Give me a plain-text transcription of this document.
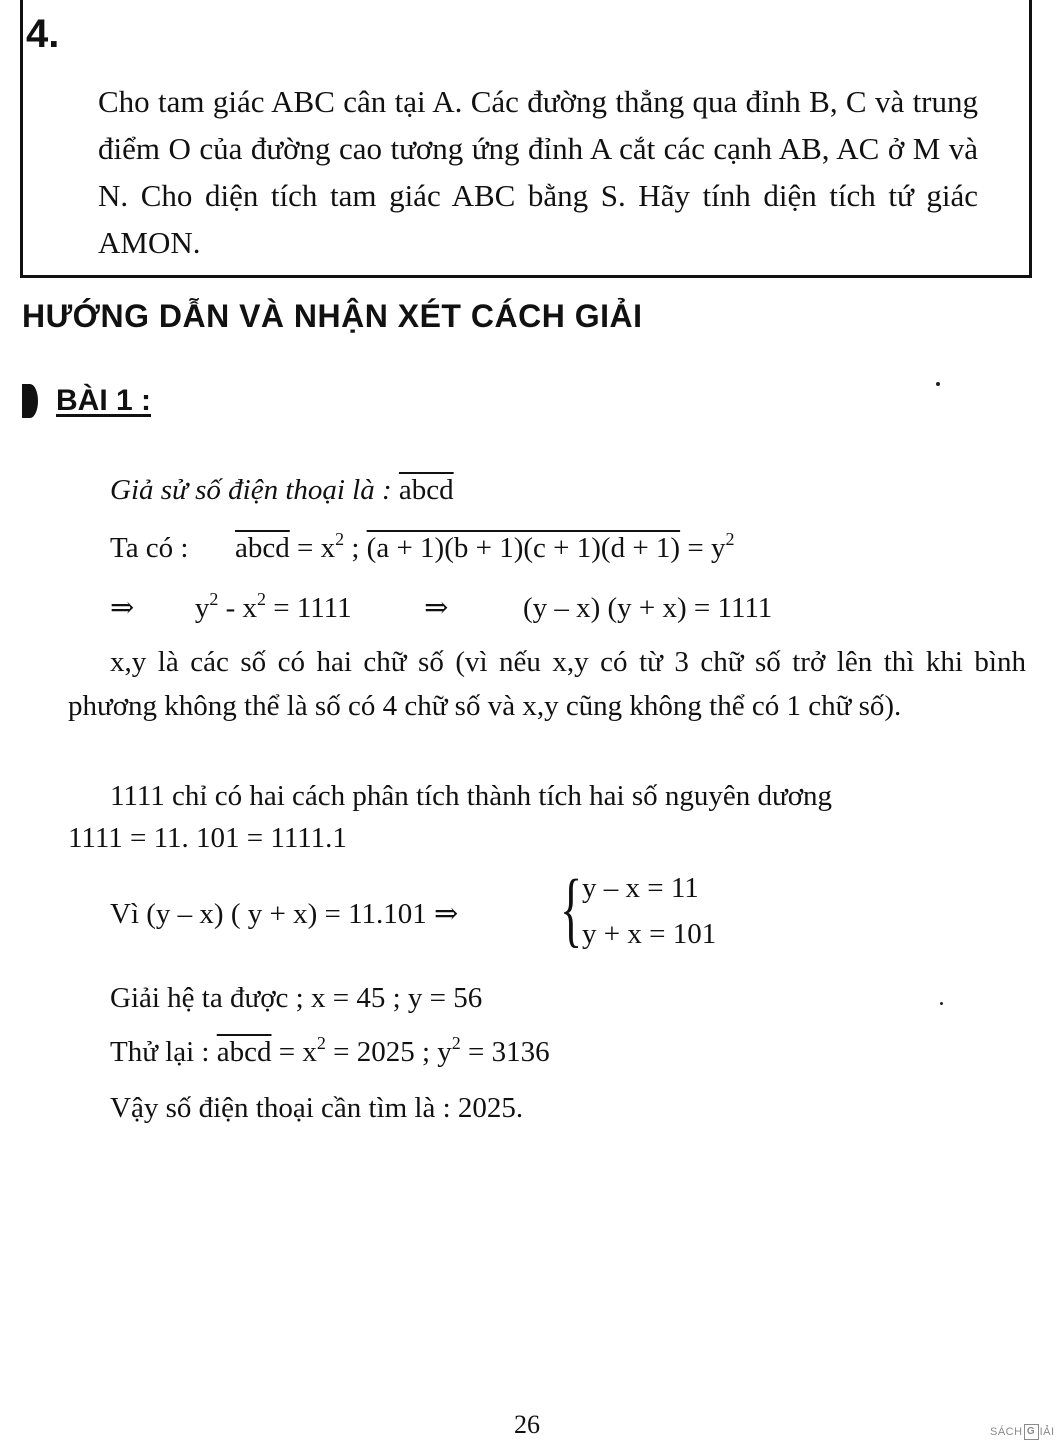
4.
Cho tam giác ABC cân tại A. Các đường thẳng qua đỉnh B, C và trung điểm O của đường cao tương ứng đỉnh A cắt các cạnh AB, AC ở M và N. Cho diện tích tam giác ABC bằng S. Hãy tính diện tích tứ giác AMON.
HƯỚNG DẪN VÀ NHẬN XÉT CÁCH GIẢI
BÀI 1 :
Giả sử số điện thoại là : abcd
Ta có : abcd = $x^2$ ; $(a + 1)(b + 1)(c + 1)(d + 1) = y^2$
⇒ $y^2 - x^2 = 1111$	⇒	(y – x) (y + x) = 1111
x,y là các số có hai chữ số (vì nếu x,y có từ 3 chữ số trở lên thì khi bình phương không thể là số có 4 chữ số và x,y cũng không thể có 1 chữ số).
1111 chỉ có hai cách phân tích thành tích hai số nguyên dương
1111 = 11. 101 = 1111.1
Vì (y – x) ( y + x) = 11.101 ⇒ { y – x = 11
y + x = 101
Giải hệ ta được ; x = 45 ; y = 56
Thử lại : abcd = $x^2 = 2025$ ; $y^2 = 3136$
Vậy số điện thoại cần tìm là : 2025.
26	SÁCH G IẢI
